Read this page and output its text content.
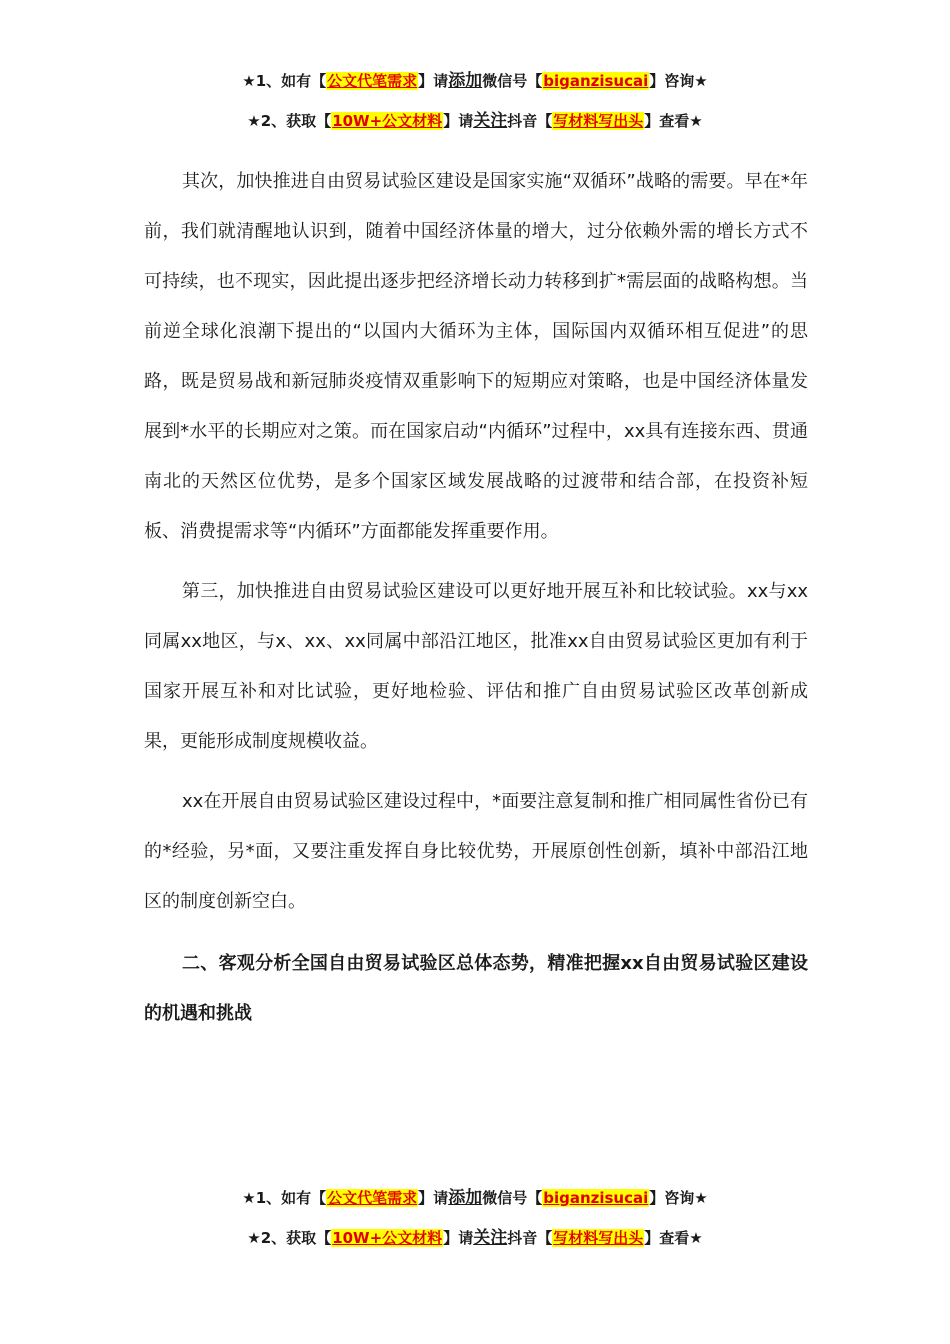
★1、如有【公文代笔需求】请添加微信号【biganzisucai】咨询★
★2、获取【10W+公文材料】请关注抖音【写材料写出头】查看★

其次，加快推进自由贸易试验区建设是国家实施“双循环”战略的需要。早在*年前，我们就清醒地认识到，随着中国经济体量的增大，过分依赖外需的增长方式不可持续，也不现实，因此提出逐步把经济增长动力转移到扩*需层面的战略构想。当前逆全球化浪潮下提出的“以国内大循环为主体，国际国内双循环相互促进”的思路，既是贸易战和新冠肺炎疫情双重影响下的短期应对策略，也是中国经济体量发展到*水平的长期应对之策。而在国家启动“内循环”过程中，xx具有连接东西、贯通南北的天然区位优势，是多个国家区域发展战略的过渡带和结合部，在投资补短板、消费提需求等“内循环”方面都能发挥重要作用。

第三，加快推进自由贸易试验区建设可以更好地开展互补和比较试验。xx与xx同属xx地区，与x、xx、xx同属中部沿江地区，批准xx自由贸易试验区更加有利于国家开展互补和对比试验，更好地检验、评估和推广自由贸易试验区改革创新成果，更能形成制度规模收益。

xx在开展自由贸易试验区建设过程中，*面要注意复制和推广相同属性省份已有的*经验，另*面，又要注重发挥自身比较优势，开展原创性创新，填补中部沿江地区的制度创新空白。

二、客观分析全国自由贸易试验区总体态势，精准把握xx自由贸易试验区建设的机遇和挑战

★1、如有【公文代笔需求】请添加微信号【biganzisucai】咨询★
★2、获取【10W+公文材料】请关注抖音【写材料写出头】查看★
